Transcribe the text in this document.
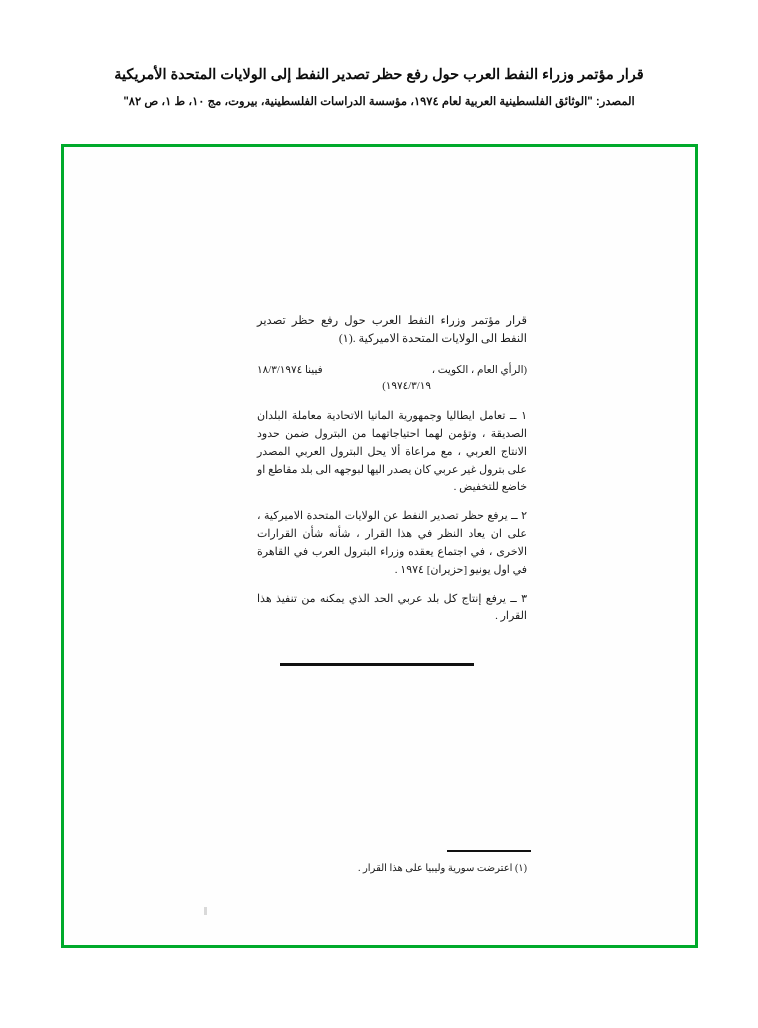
قرار مؤتمر وزراء النفط العرب حول رفع حظر تصدير النفط إلى الولايات المتحدة الأمريكية
المصدر: "الوثائق الفلسطينية العربية لعام ١٩٧٤، مؤسسة الدراسات الفلسطينية، بيروت، مج ١٠، ط ١، ص ٨٢"
قرار مؤتمر وزراء النفط العرب حول رفع حظر تصدير النفط الى الولايات المتحدة الاميركية .(١)
(الرأي العام ، الكويت ،
فيينا ١٨/٣/١٩٧٤
١٩٧٤/٣/١٩)

١ ــ تعامل ايطاليا وجمهورية المانيا الاتحادية معاملة البلدان الصديقة ، وتؤمن لهما احتياجاتهما من البترول ضمن حدود الانتاج العربي ، مع مراعاة ألا يحل البترول العربي المصدر على بترول غير عربي كان يصدر اليها لبوجهه الى بلد مقاطع او خاضع للتخفيض .

٢ ــ يرفع حظر تصدير النفط عن الولايات المتحدة الاميركية ، على ان يعاد النظر في هذا القرار ، شأنه شأن القرارات الاخرى ، في اجتماع يعقده وزراء البترول العرب في القاهرة في اول يونيو [حزيران] ١٩٧٤ .

٣ ــ يرفع إنتاج كل بلد عربي الحد الذي يمكنه من تنفيذ هذا القرار .

(١) اعترضت سورية وليبيا على هذا القرار .
